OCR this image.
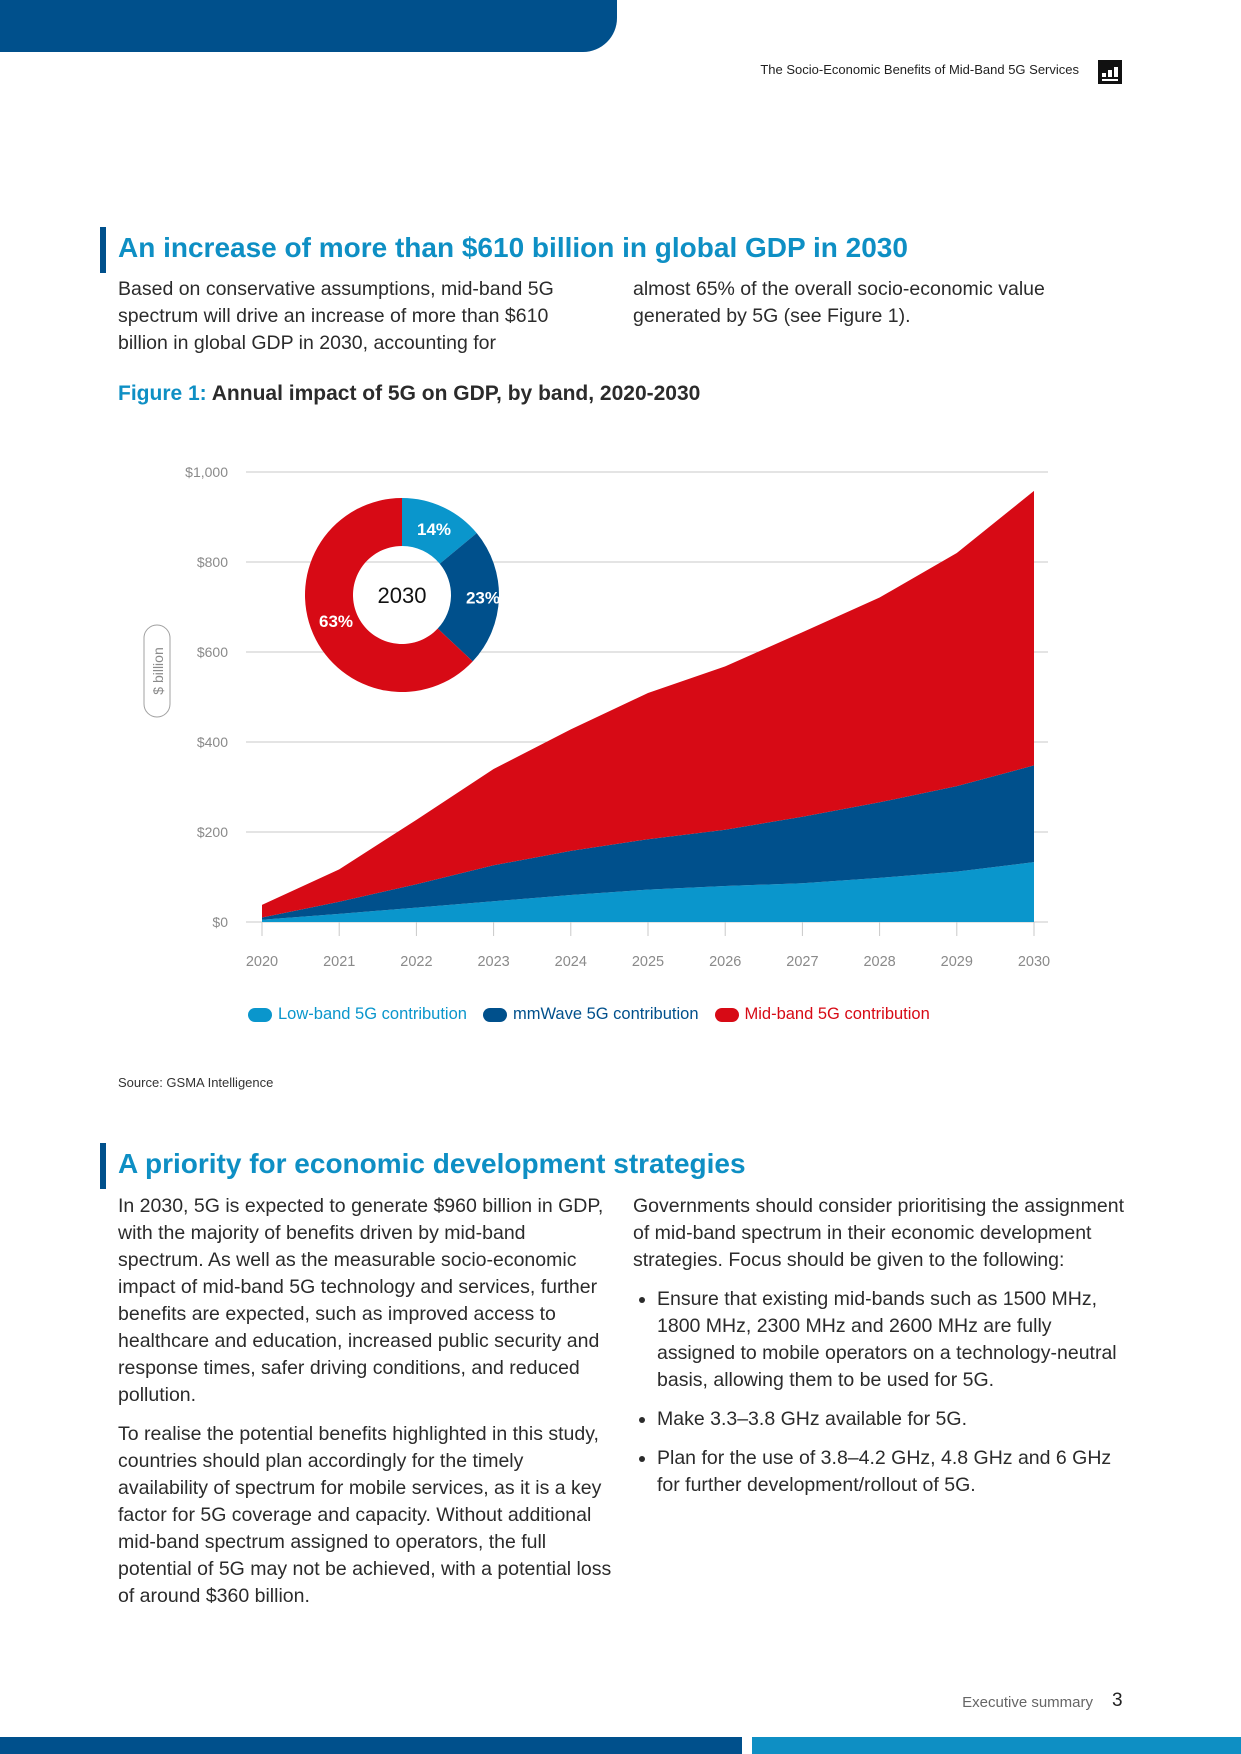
The Socio-Economic Benefits of Mid-Band 5G Services
An increase of more than $610 billion in global GDP in 2030
Based on conservative assumptions, mid-band 5G spectrum will drive an increase of more than $610 billion in global GDP in 2030, accounting for
almost 65% of the overall socio-economic value generated by 5G (see Figure 1).
Figure 1: Annual impact of 5G on GDP, by band, 2020-2030
$0
$200
$400
$600
$800
$1,000
$ billion
2020	2021	2022	2023	2024	2025	2026	2027	2028	2029	2030
14%
23%
63%
2030
Low-band 5G contribution	mmWave 5G contribution	Mid-band 5G contribution
Source: GSMA Intelligence
A priority for economic development strategies

In 2030, 5G is expected to generate $960 billion in GDP, with the majority of benefits driven by mid-band spectrum. As well as the measurable socio-economic impact of mid-band 5G technology and services, further benefits are expected, such as improved access to healthcare and education, increased public security and response times, safer driving conditions, and reduced pollution.

To realise the potential benefits highlighted in this study, countries should plan accordingly for the timely availability of spectrum for mobile services, as it is a key factor for 5G coverage and capacity. Without additional mid-band spectrum assigned to operators, the full potential of 5G may not be achieved, with a potential loss of around $360 billion.

Governments should consider prioritising the assignment of mid-band spectrum in their economic development strategies. Focus should be given to the following:

• Ensure that existing mid-bands such as 1500 MHz, 1800 MHz, 2300 MHz and 2600 MHz are fully assigned to mobile operators on a technology-neutral basis, allowing them to be used for 5G.
• Make 3.3–3.8 GHz available for 5G.
• Plan for the use of 3.8–4.2 GHz, 4.8 GHz and 6 GHz for further development/rollout of 5G.
Executive summary 3
